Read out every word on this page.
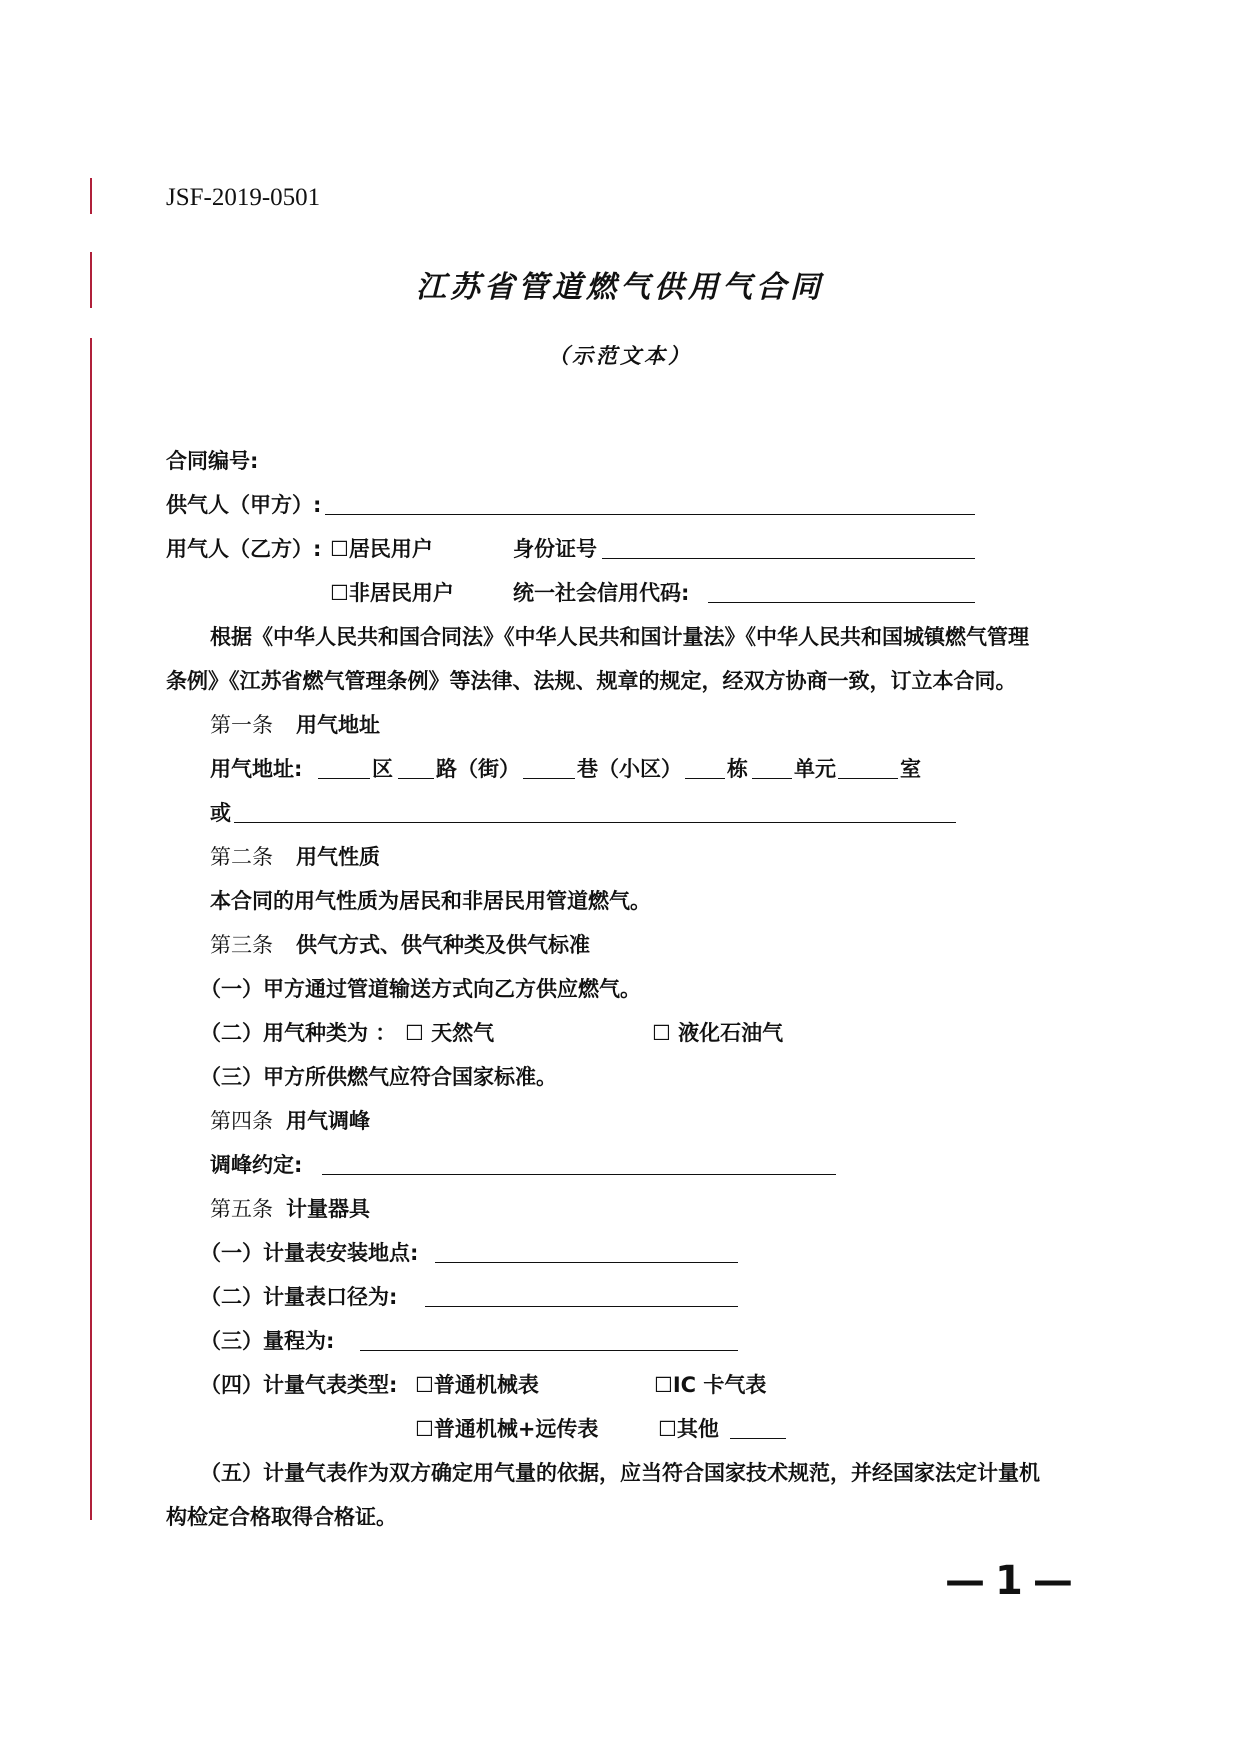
JSF-2019-0501
江苏省管道燃气供用气合同
（示范文本）
合同编号:
供气人（甲方）:
用气人（乙方）: ☐居民用户	身份证号
☐非居民用户	统一社会信用代码:
根据《中华人民共和国合同法》《中华人民共和国计量法》《中华人民共和国城镇燃气管理
条例》《江苏省燃气管理条例》等法律、法规、规章的规定，经双方协商一致，订立本合同。
第一条 用气地址
用气地址:	区 路（街）	巷（小区） 栋 单元	室
或
第二条 用气性质
本合同的用气性质为居民和非居民用管道燃气。
第三条 供气方式、供气种类及供气标准
（一）甲方通过管道输送方式向乙方供应燃气。
（二）用气种类为 ： ☐ 天然气	☐ 液化石油气
（三）甲方所供燃气应符合国家标准。
第四条 用气调峰
调峰约定:
第五条 计量器具
（一）计量表安装地点:
（二）计量表口径为:
（三）量程为:
（四）计量气表类型: ☐普通机械表	☐IC 卡气表
☐普通机械+远传表	☐其他
（五）计量气表作为双方确定用气量的依据，应当符合国家技术规范，并经国家法定计量机
构检定合格取得合格证。
—1—
